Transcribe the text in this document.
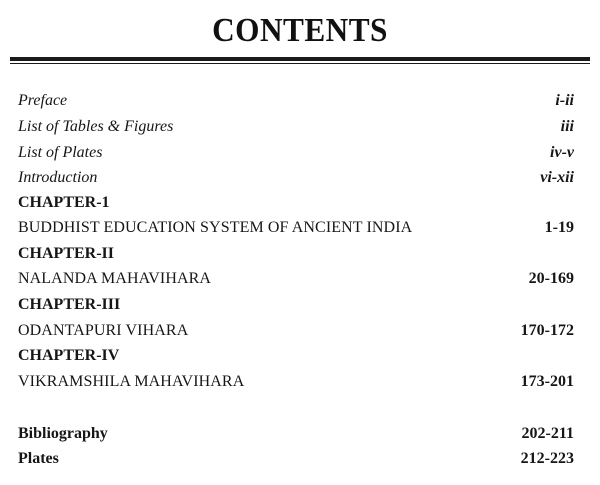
CONTENTS
Preface	i-ii
List of Tables & Figures	iii
List of Plates	iv-v
Introduction	vi-xii
CHAPTER-1
BUDDHIST EDUCATION SYSTEM OF ANCIENT INDIA	1-19
CHAPTER-II
NALANDA MAHAVIHARA	20-169
CHAPTER-III
ODANTAPURI VIHARA	170-172
CHAPTER-IV
VIKRAMSHILA MAHAVIHARA	173-201
Bibliography	202-211
Plates	212-223
